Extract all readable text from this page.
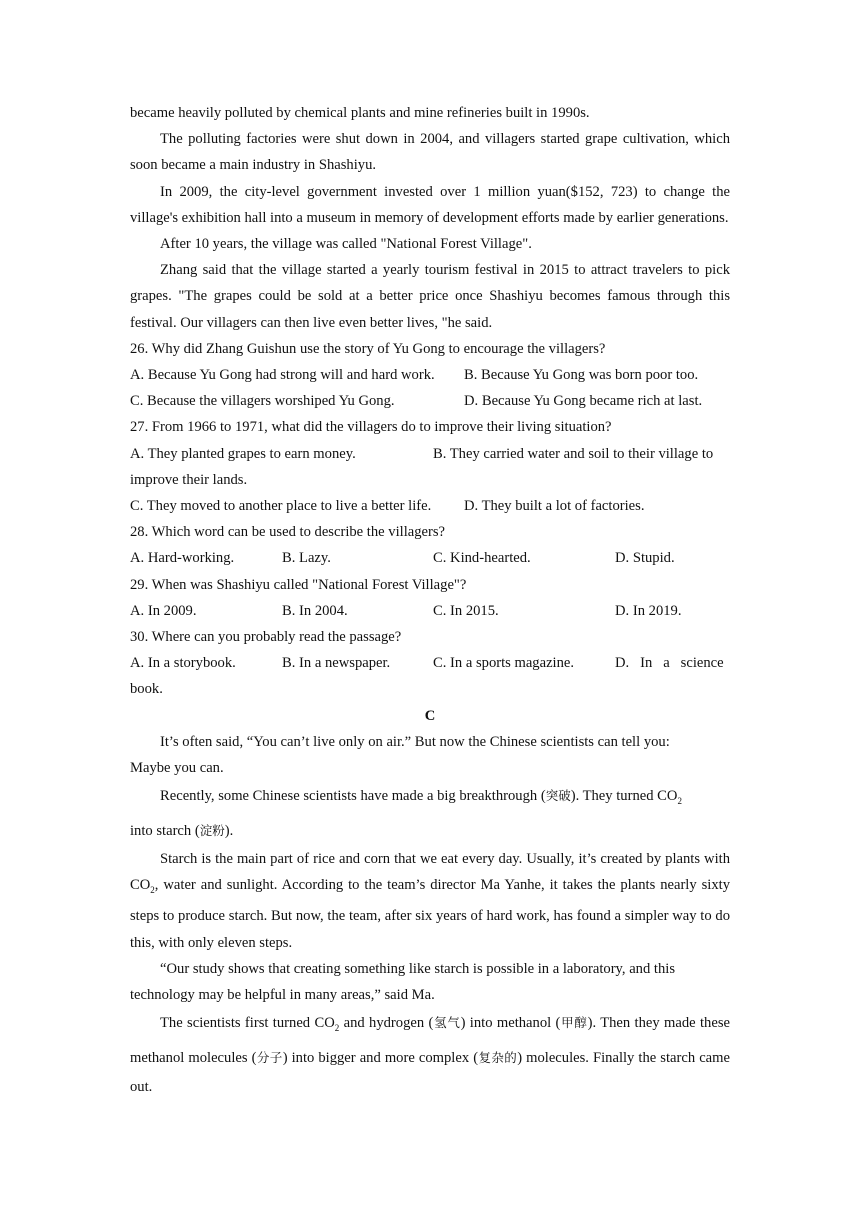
became heavily polluted by chemical plants and mine refineries built in 1990s.

The polluting factories were shut down in 2004, and villagers started grape cultivation, which soon became a main industry in Shashiyu.

In 2009, the city-level government invested over 1 million yuan($152, 723) to change the village's exhibition hall into a museum in memory of development efforts made by earlier generations.

After 10 years, the village was called "National Forest Village".

Zhang said that the village started a yearly tourism festival in 2015 to attract travelers to pick grapes. "The grapes could be sold at a better price once Shashiyu becomes famous through this festival. Our villagers can then live even better lives, "he said.

26. Why did Zhang Guishun use the story of Yu Gong to encourage the villagers?

A. Because Yu Gong had strong will and hard work. B. Because Yu Gong was born poor too.
C. Because the villagers worshiped Yu Gong.	D. Because Yu Gong became rich at last.

27. From 1966 to 1971, what did the villagers do to improve their living situation?

A. They planted grapes to earn money.	B. They carried water and soil to their village to

improve their lands.

C. They moved to another place to live a better life. D. They built a lot of factories.

28. Which word can be used to describe the villagers?

A. Hard-working.	B. Lazy.	C. Kind-hearted.	D. Stupid.

29. When was Shashiyu called "National Forest Village"?

A. In 2009.	B. In 2004.	C. In 2015.	D. In 2019.

30. Where can you probably read the passage?

A. In a storybook.	B. In a newspaper.	C. In a sports magazine.	D.   In   a   science

book.

C

It’s often said, “You can’t live only on air.” But now the Chinese scientists can tell you:

Maybe you can.

Recently, some Chinese scientists have made a big breakthrough (突破). They turned $CO_2$

into starch (淀粉).

Starch is the main part of rice and corn that we eat every day. Usually, it’s created by plants with $CO_2$, water and sunlight. According to the team’s director Ma Yanhe, it takes the plants nearly sixty steps to produce starch. But now, the team, after six years of hard work, has found a simpler way to do this, with only eleven steps.

“Our study shows that creating something like starch is possible in a laboratory, and this

technology may be helpful in many areas,” said Ma.

The scientists first turned $CO_2$ and hydrogen (氢气) into methanol (甲醇). Then they made these methanol molecules (分子) into bigger and more complex (复杂的) molecules. Finally the starch came out.
